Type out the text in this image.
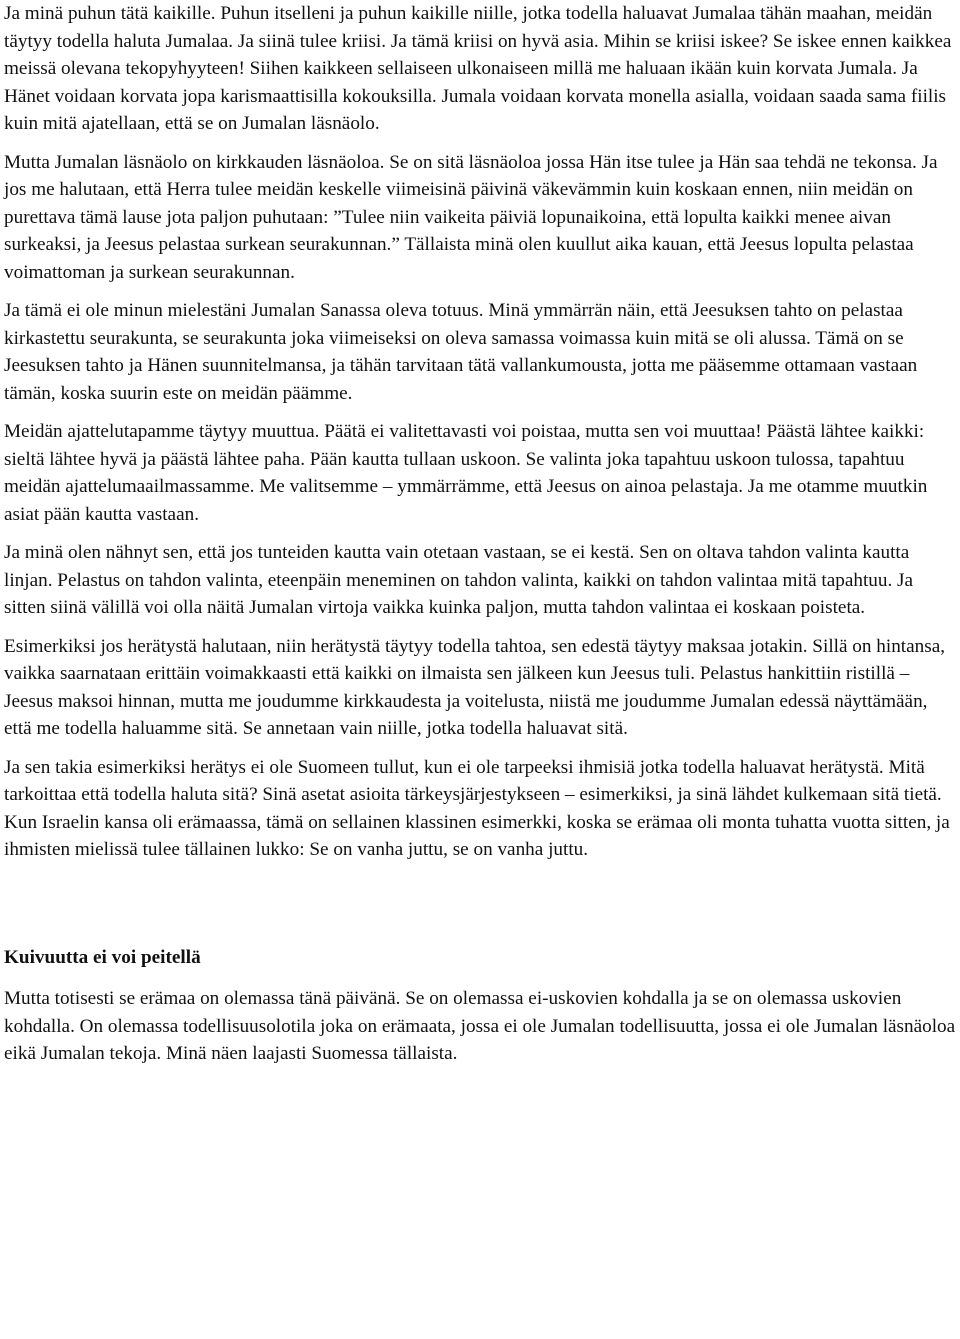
Ja minä puhun tätä kaikille. Puhun itselleni ja puhun kaikille niille, jotka todella haluavat Jumalaa tähän maahan, meidän täytyy todella haluta Jumalaa. Ja siinä tulee kriisi. Ja tämä kriisi on hyvä asia. Mihin se kriisi iskee? Se iskee ennen kaikkea meissä olevana tekopyhyyteen! Siihen kaikkeen sellaiseen ulkonaiseen millä me haluaan ikään kuin korvata Jumala. Ja Hänet voidaan korvata jopa karismaattisilla kokouksilla. Jumala voidaan korvata monella asialla, voidaan saada sama fiilis kuin mitä ajatellaan, että se on Jumalan läsnäolo.

Mutta Jumalan läsnäolo on kirkkauden läsnäoloa. Se on sitä läsnäoloa jossa Hän itse tulee ja Hän saa tehdä ne tekonsa. Ja jos me halutaan, että Herra tulee meidän keskelle viimeisinä päivinä väkevämmin kuin koskaan ennen, niin meidän on purettava tämä lause jota paljon puhutaan: ”Tulee niin vaikeita päiviä lopunaikoina, että lopulta kaikki menee aivan surkeaksi, ja Jeesus pelastaa surkean seurakunnan.” Tällaista minä olen kuullut aika kauan, että Jeesus lopulta pelastaa voimattoman ja surkean seurakunnan.

Ja tämä ei ole minun mielestäni Jumalan Sanassa oleva totuus. Minä ymmärrän näin, että Jeesuksen tahto on pelastaa kirkastettu seurakunta, se seurakunta joka viimeiseksi on oleva samassa voimassa kuin mitä se oli alussa. Tämä on se Jeesuksen tahto ja Hänen suunnitelmansa, ja tähän tarvitaan tätä vallankumousta, jotta me pääsemme ottamaan vastaan tämän, koska suurin este on meidän päämme.

Meidän ajattelutapamme täytyy muuttua. Päätä ei valitettavasti voi poistaa, mutta sen voi muuttaa! Päästä lähtee kaikki: sieltä lähtee hyvä ja päästä lähtee paha. Pään kautta tullaan uskoon. Se valinta joka tapahtuu uskoon tulossa, tapahtuu meidän ajattelumaailmassamme. Me valitsemme – ymmärrämme, että Jeesus on ainoa pelastaja. Ja me otamme muutkin asiat pään kautta vastaan.

Ja minä olen nähnyt sen, että jos tunteiden kautta vain otetaan vastaan, se ei kestä. Sen on oltava tahdon valinta kautta linjan. Pelastus on tahdon valinta, eteenpäin meneminen on tahdon valinta, kaikki on tahdon valintaa mitä tapahtuu. Ja sitten siinä välillä voi olla näitä Jumalan virtoja vaikka kuinka paljon, mutta tahdon valintaa ei koskaan poisteta.

Esimerkiksi jos herätystä halutaan, niin herätystä täytyy todella tahtoa, sen edestä täytyy maksaa jotakin. Sillä on hintansa, vaikka saarnataan erittäin voimakkaasti että kaikki on ilmaista sen jälkeen kun Jeesus tuli. Pelastus hankittiin ristillä – Jeesus maksoi hinnan, mutta me joudumme kirkkaudesta ja voitelusta, niistä me joudumme Jumalan edessä näyttämään, että me todella haluamme sitä. Se annetaan vain niille, jotka todella haluavat sitä.

Ja sen takia esimerkiksi herätys ei ole Suomeen tullut, kun ei ole tarpeeksi ihmisiä jotka todella haluavat herätystä. Mitä tarkoittaa että todella haluta sitä? Sinä asetat asioita tärkeysjärjestykseen – esimerkiksi, ja sinä lähdet kulkemaan sitä tietä. Kun Israelin kansa oli erämaassa, tämä on sellainen klassinen esimerkki, koska se erämaa oli monta tuhatta vuotta sitten, ja ihmisten mielissä tulee tällainen lukko: Se on vanha juttu, se on vanha juttu.

Kuivuutta ei voi peitellä

Mutta totisesti se erämaa on olemassa tänä päivänä. Se on olemassa ei-uskovien kohdalla ja se on olemassa uskovien kohdalla. On olemassa todellisuusolotila joka on erämaata, jossa ei ole Jumalan todellisuutta, jossa ei ole Jumalan läsnäoloa eikä Jumalan tekoja. Minä näen laajasti Suomessa tällaista.
